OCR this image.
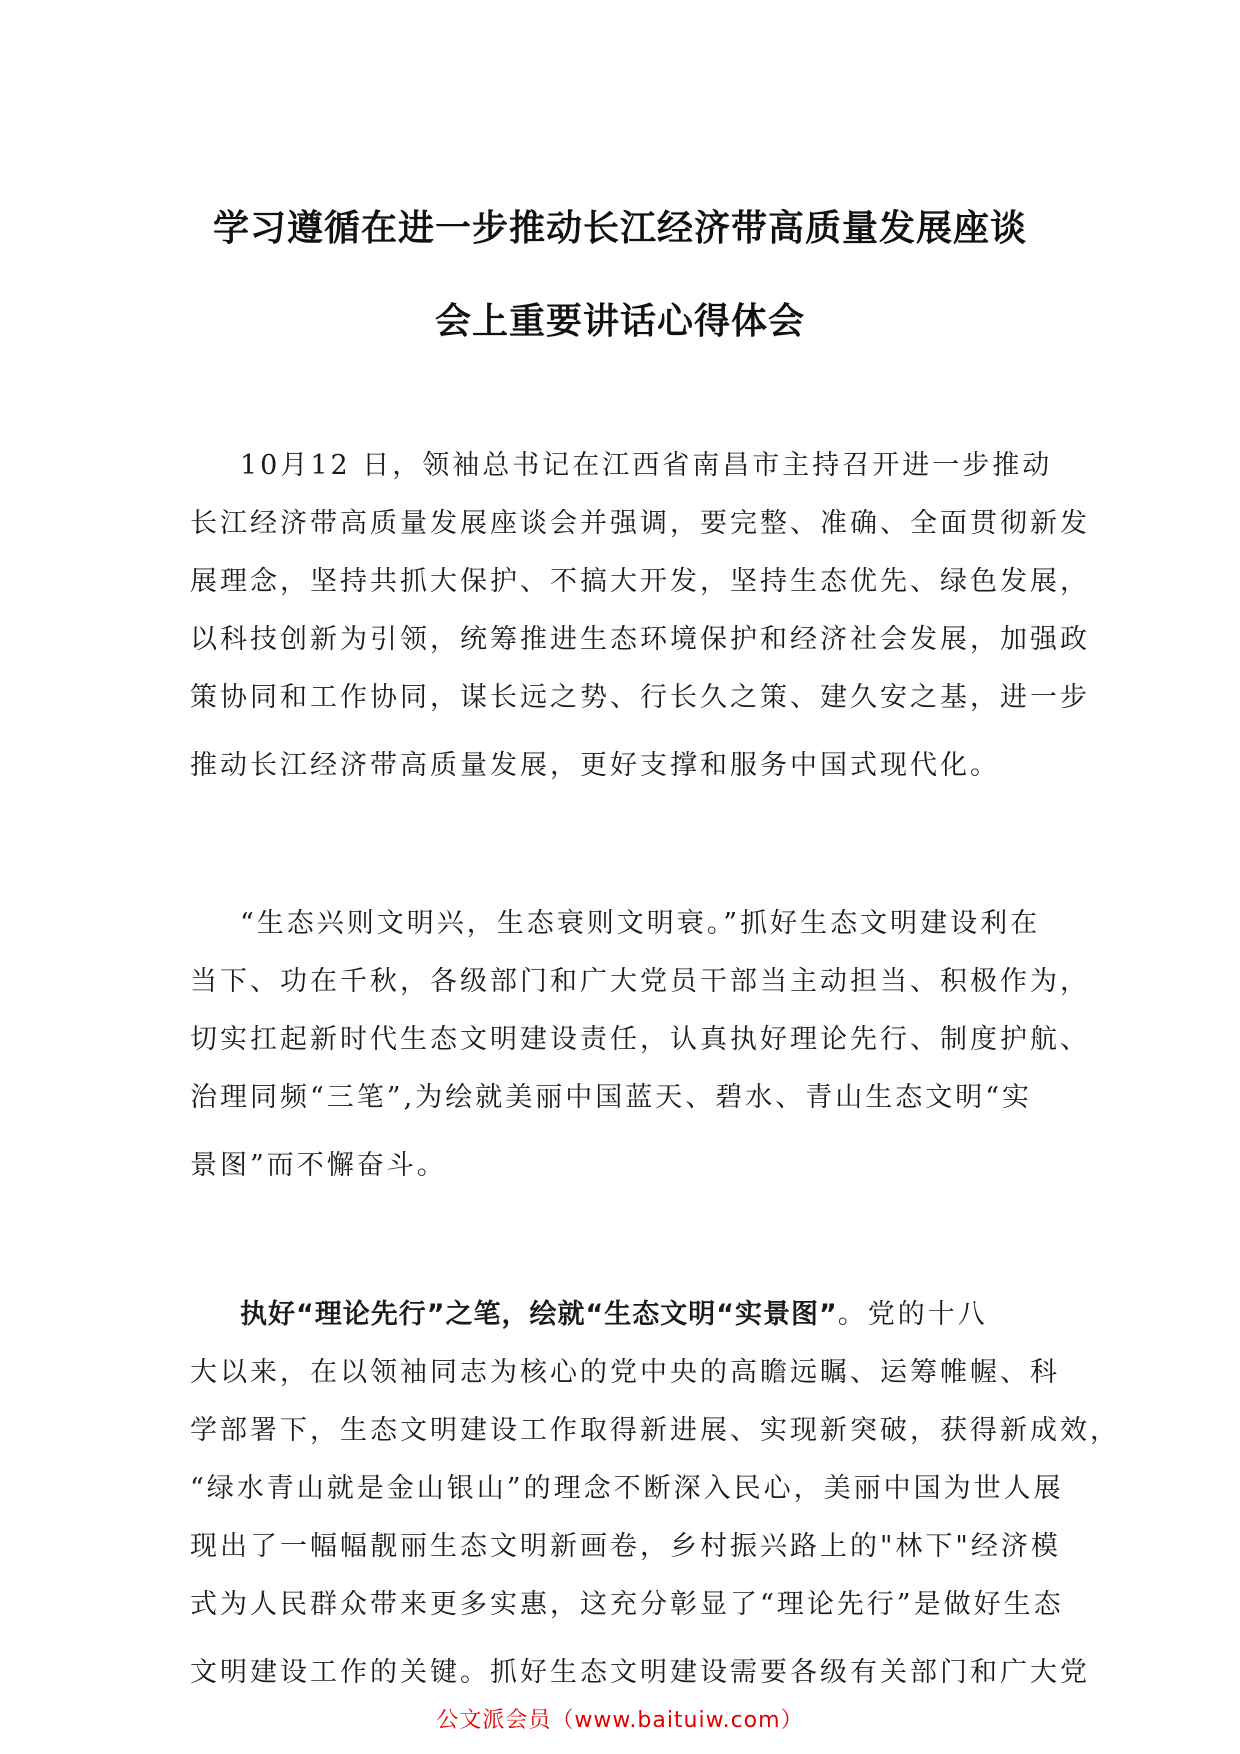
学习遵循在进一步推动长江经济带高质量发展座谈
会上重要讲话心得体会
10月12 日，领袖总书记在江西省南昌市主持召开进一步推动
长江经济带高质量发展座谈会并强调，要完整、准确、全面贯彻新发
展理念，坚持共抓大保护、不搞大开发，坚持生态优先、绿色发展，
以科技创新为引领，统筹推进生态环境保护和经济社会发展，加强政
策协同和工作协同，谋长远之势、行长久之策、建久安之基，进一步
推动长江经济带高质量发展，更好支撑和服务中国式现代化。
“生态兴则文明兴，生态衰则文明衰。”抓好生态文明建设利在
当下、功在千秋，各级部门和广大党员干部当主动担当、积极作为，
切实扛起新时代生态文明建设责任，认真执好理论先行、制度护航、
治理同频“三笔”,为绘就美丽中国蓝天、碧水、青山生态文明“实
景图”而不懈奋斗。
执好“理论先行”之笔，绘就“生态文明“实景图”。党的十八
大以来，在以领袖同志为核心的党中央的高瞻远瞩、运筹帷幄、科
学部署下，生态文明建设工作取得新进展、实现新突破，获得新成效，
“绿水青山就是金山银山”的理念不断深入民心，美丽中国为世人展
现出了一幅幅靓丽生态文明新画卷，乡村振兴路上的"林下"经济模
式为人民群众带来更多实惠，这充分彰显了“理论先行”是做好生态
文明建设工作的关键。抓好生态文明建设需要各级有关部门和广大党
公文派会员（www.baituiw.com）
